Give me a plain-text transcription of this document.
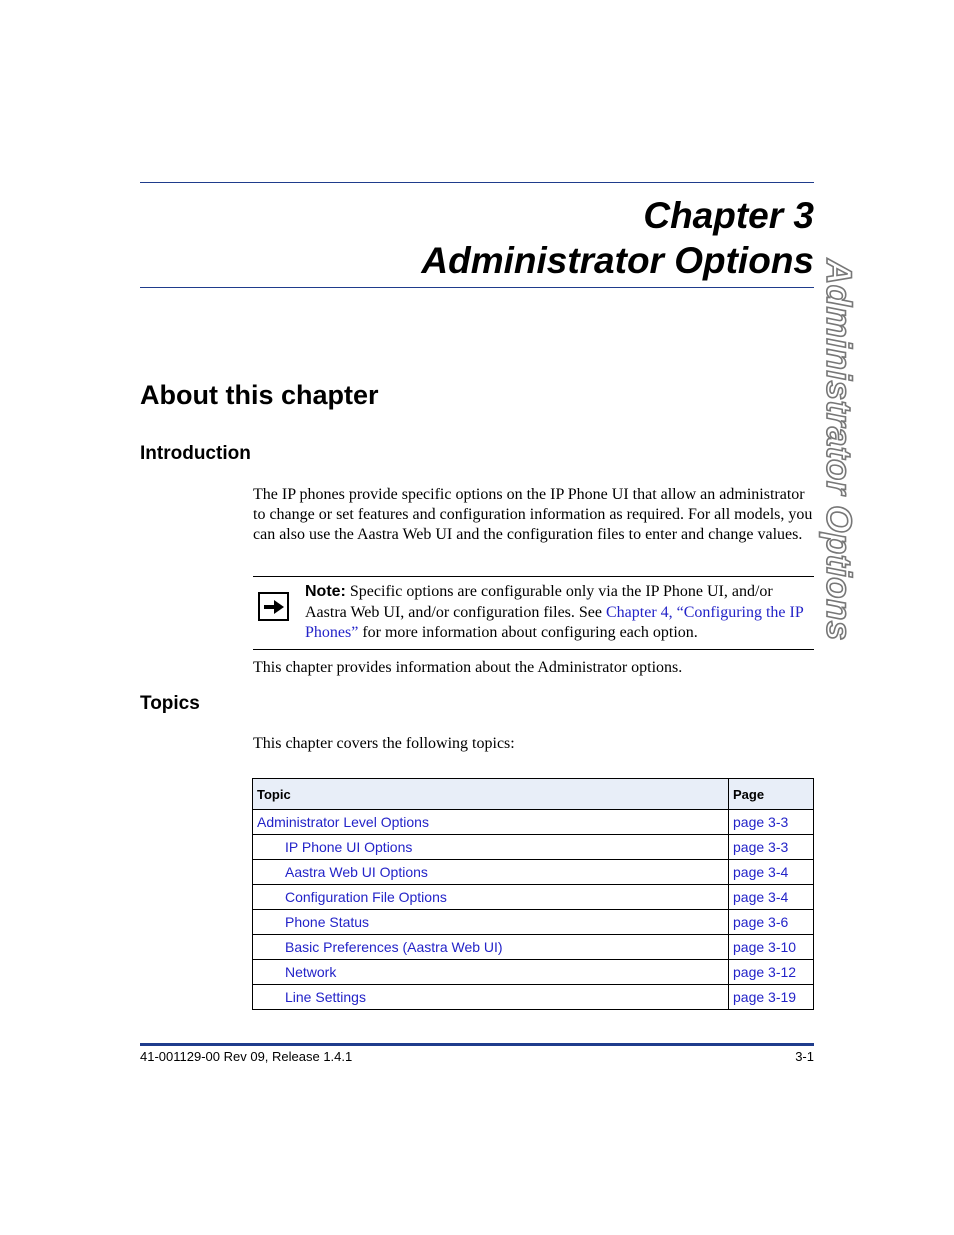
Chapter 3
Administrator Options Administrator Options
About this chapter
Introduction
The IP phones provide specific options on the IP Phone UI that allow an administrator to change or set features and configuration information as required. For all models, you can also use the Aastra Web UI and the configuration files to enter and change values.
Note: Specific options are configurable only via the IP Phone UI, and/or Aastra Web UI, and/or configuration files. See Chapter 4, “Configuring the IP Phones” for more information about configuring each option.
This chapter provides information about the Administrator options.
Topics
This chapter covers the following topics:
Topic	Page
Administrator Level Options	page 3-3
IP Phone UI Options	page 3-3
Aastra Web UI Options	page 3-4
Configuration File Options	page 3-4
Phone Status	page 3-6
Basic Preferences (Aastra Web UI)	page 3-10
Network	page 3-12
Line Settings	page 3-19
41-001129-00 Rev 09, Release 1.4.1	3-1
